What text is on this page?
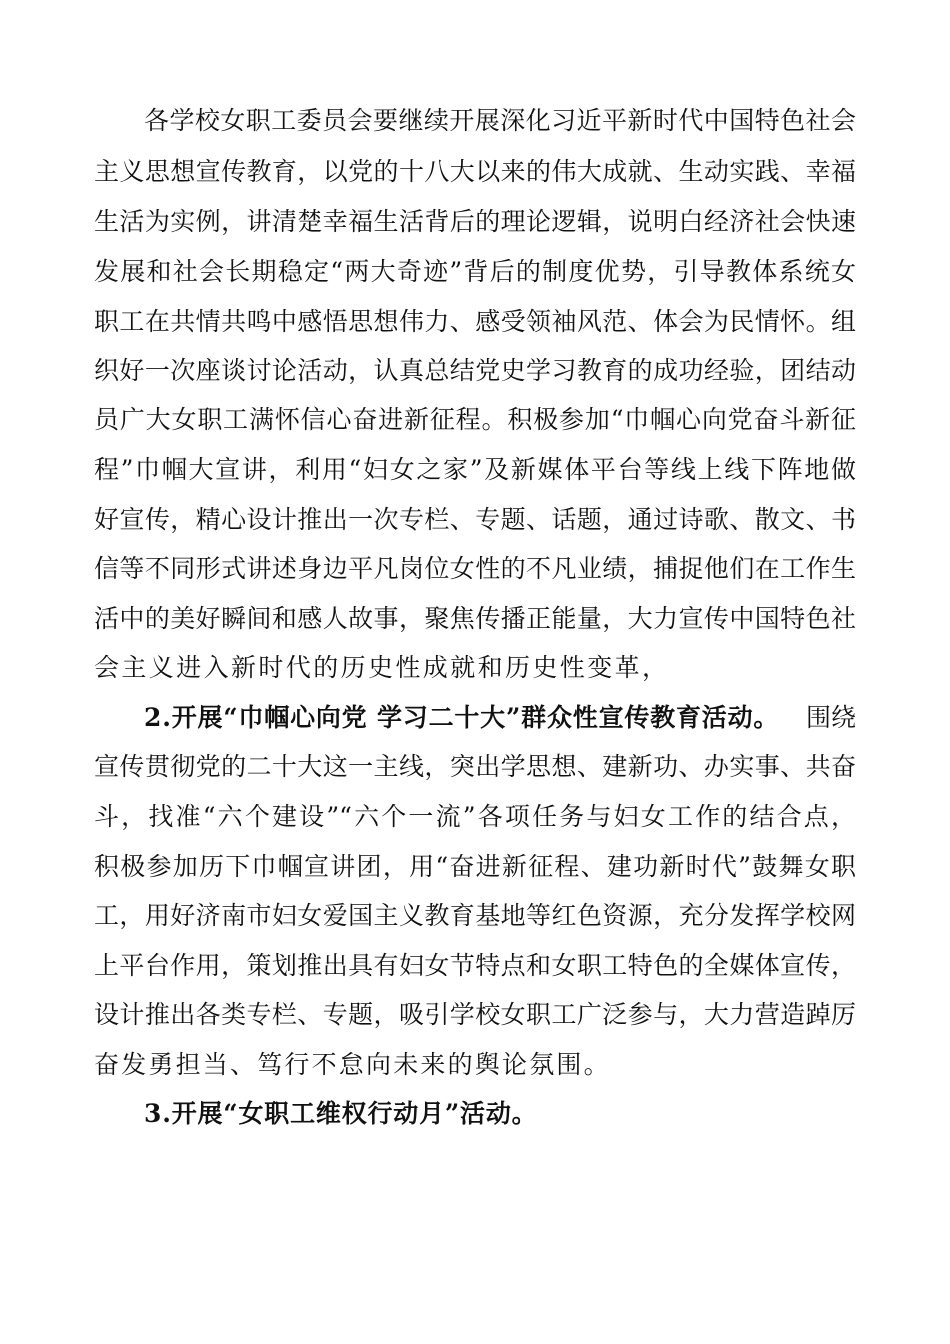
各学校女职工委员会要继续开展深化习近平新时代中国特色社会
主义思想宣传教育，以党的十八大以来的伟大成就、生动实践、幸福
生活为实例，讲清楚幸福生活背后的理论逻辑，说明白经济社会快速
发展和社会长期稳定“两大奇迹”背后的制度优势，引导教体系统女
职工在共情共鸣中感悟思想伟力、感受领袖风范、体会为民情怀。组
织好一次座谈讨论活动，认真总结党史学习教育的成功经验，团结动
员广大女职工满怀信心奋进新征程。积极参加“巾帼心向党奋斗新征
程”巾帼大宣讲，利用“妇女之家”及新媒体平台等线上线下阵地做
好宣传，精心设计推出一次专栏、专题、话题，通过诗歌、散文、书
信等不同形式讲述身边平凡岗位女性的不凡业绩，捕捉他们在工作生
活中的美好瞬间和感人故事，聚焦传播正能量，大力宣传中国特色社
会主义进入新时代的历史性成就和历史性变革，
2.开展“巾帼心向党 学习二十大”群众性宣传教育活动。 围绕
宣传贯彻党的二十大这一主线，突出学思想、建新功、办实事、共奋
斗，找准“六个建设”“六个一流”各项任务与妇女工作的结合点，
积极参加历下巾帼宣讲团，用“奋进新征程、建功新时代”鼓舞女职
工，用好济南市妇女爱国主义教育基地等红色资源，充分发挥学校网
上平台作用，策划推出具有妇女节特点和女职工特色的全媒体宣传，
设计推出各类专栏、专题，吸引学校女职工广泛参与，大力营造踔厉
奋发勇担当、笃行不怠向未来的舆论氛围。
3.开展“女职工维权行动月”活动。
